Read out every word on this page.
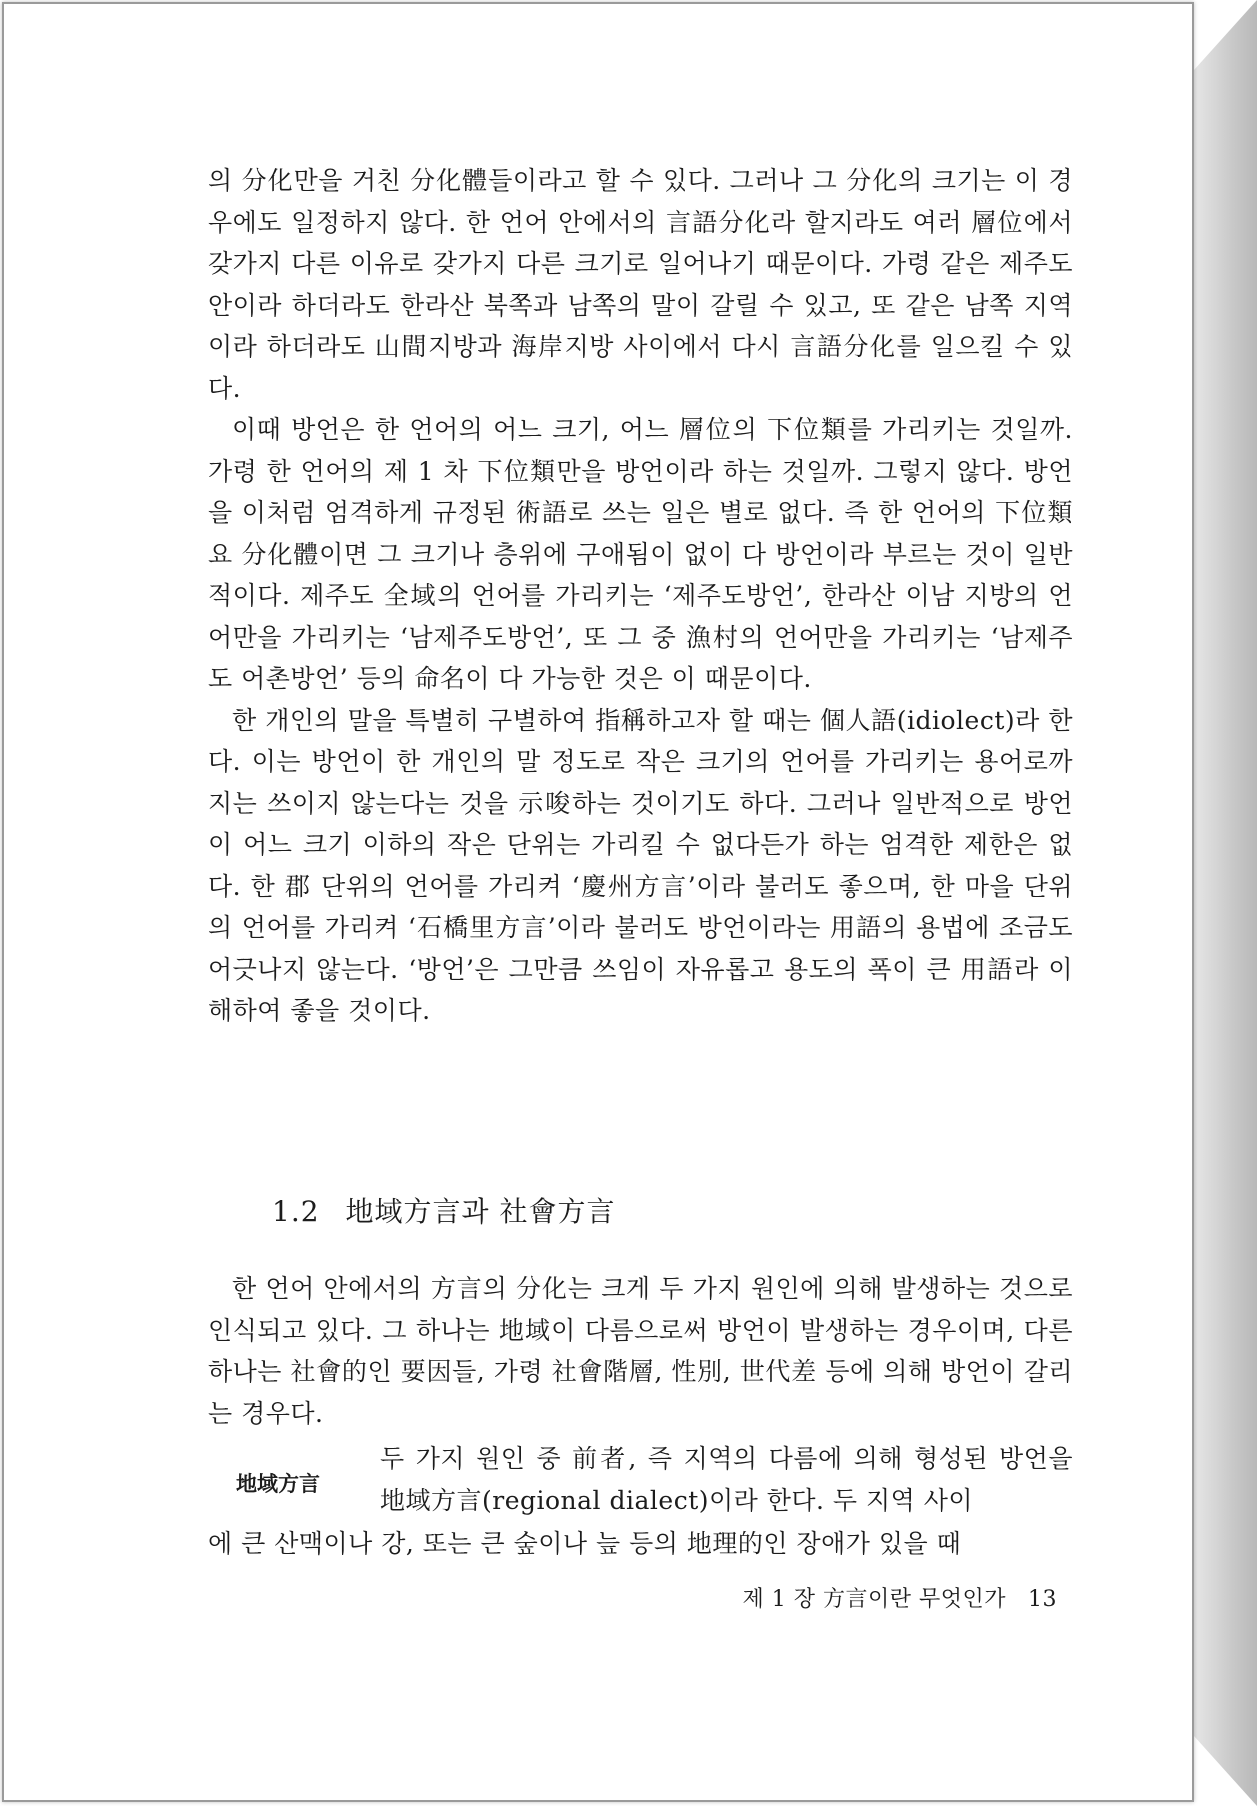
의 分化만을 거친 分化體들이라고 할 수 있다. 그러나 그 分化의 크기는 이 경우에도 일정하지 않다. 한 언어 안에서의 言語分化라 할지라도 여러 層位에서 갖가지 다른 이유로 갖가지 다른 크기로 일어나기 때문이다. 가령 같은 제주도 안이라 하더라도 한라산 북쪽과 남쪽의 말이 갈릴 수 있고, 또 같은 남쪽 지역이라 하더라도 山間지방과 海岸지방 사이에서 다시 言語分化를 일으킬 수 있다.

이때 방언은 한 언어의 어느 크기, 어느 層位의 下位類를 가리키는 것일까. 가령 한 언어의 제 1 차 下位類만을 방언이라 하는 것일까. 그렇지 않다. 방언을 이처럼 엄격하게 규정된 術語로 쓰는 일은 별로 없다. 즉 한 언어의 下位類요 分化體이면 그 크기나 층위에 구애됨이 없이 다 방언이라 부르는 것이 일반적이다. 제주도 全域의 언어를 가리키는 ‘제주도방언’, 한라산 이남 지방의 언어만을 가리키는 ‘남제주도방언’, 또 그 중 漁村의 언어만을 가리키는 ‘남제주도 어촌방언’ 등의 命名이 다 가능한 것은 이 때문이다.

한 개인의 말을 특별히 구별하여 指稱하고자 할 때는 個人語(idiolect)라 한다. 이는 방언이 한 개인의 말 정도로 작은 크기의 언어를 가리키는 용어로까지는 쓰이지 않는다는 것을 示唆하는 것이기도 하다. 그러나 일반적으로 방언이 어느 크기 이하의 작은 단위는 가리킬 수 없다든가 하는 엄격한 제한은 없다. 한 郡 단위의 언어를 가리켜 ‘慶州方言’이라 불러도 좋으며, 한 마을 단위의 언어를 가리켜 ‘石橋里方言’이라 불러도 방언이라는 用語의 용법에 조금도 어긋나지 않는다. ‘방언’은 그만큼 쓰임이 자유롭고 용도의 폭이 큰 用語라 이해하여 좋을 것이다.

1.2 地域方言과 社會方言

한 언어 안에서의 方言의 分化는 크게 두 가지 원인에 의해 발생하는 것으로 인식되고 있다. 그 하나는 地域이 다름으로써 방언이 발생하는 경우이며, 다른 하나는 社會的인 要因들, 가령 社會階層, 性別, 世代差 등에 의해 방언이 갈리는 경우다.

地域方言
두 가지 원인 중 前者, 즉 지역의 다름에 의해 형성된 방언을 地域方言(regional dialect)이라 한다. 두 지역 사이
에 큰 산맥이나 강, 또는 큰 숲이나 늪 등의 地理的인 장애가 있을 때
제 1 장 方言이란 무엇인가 13
